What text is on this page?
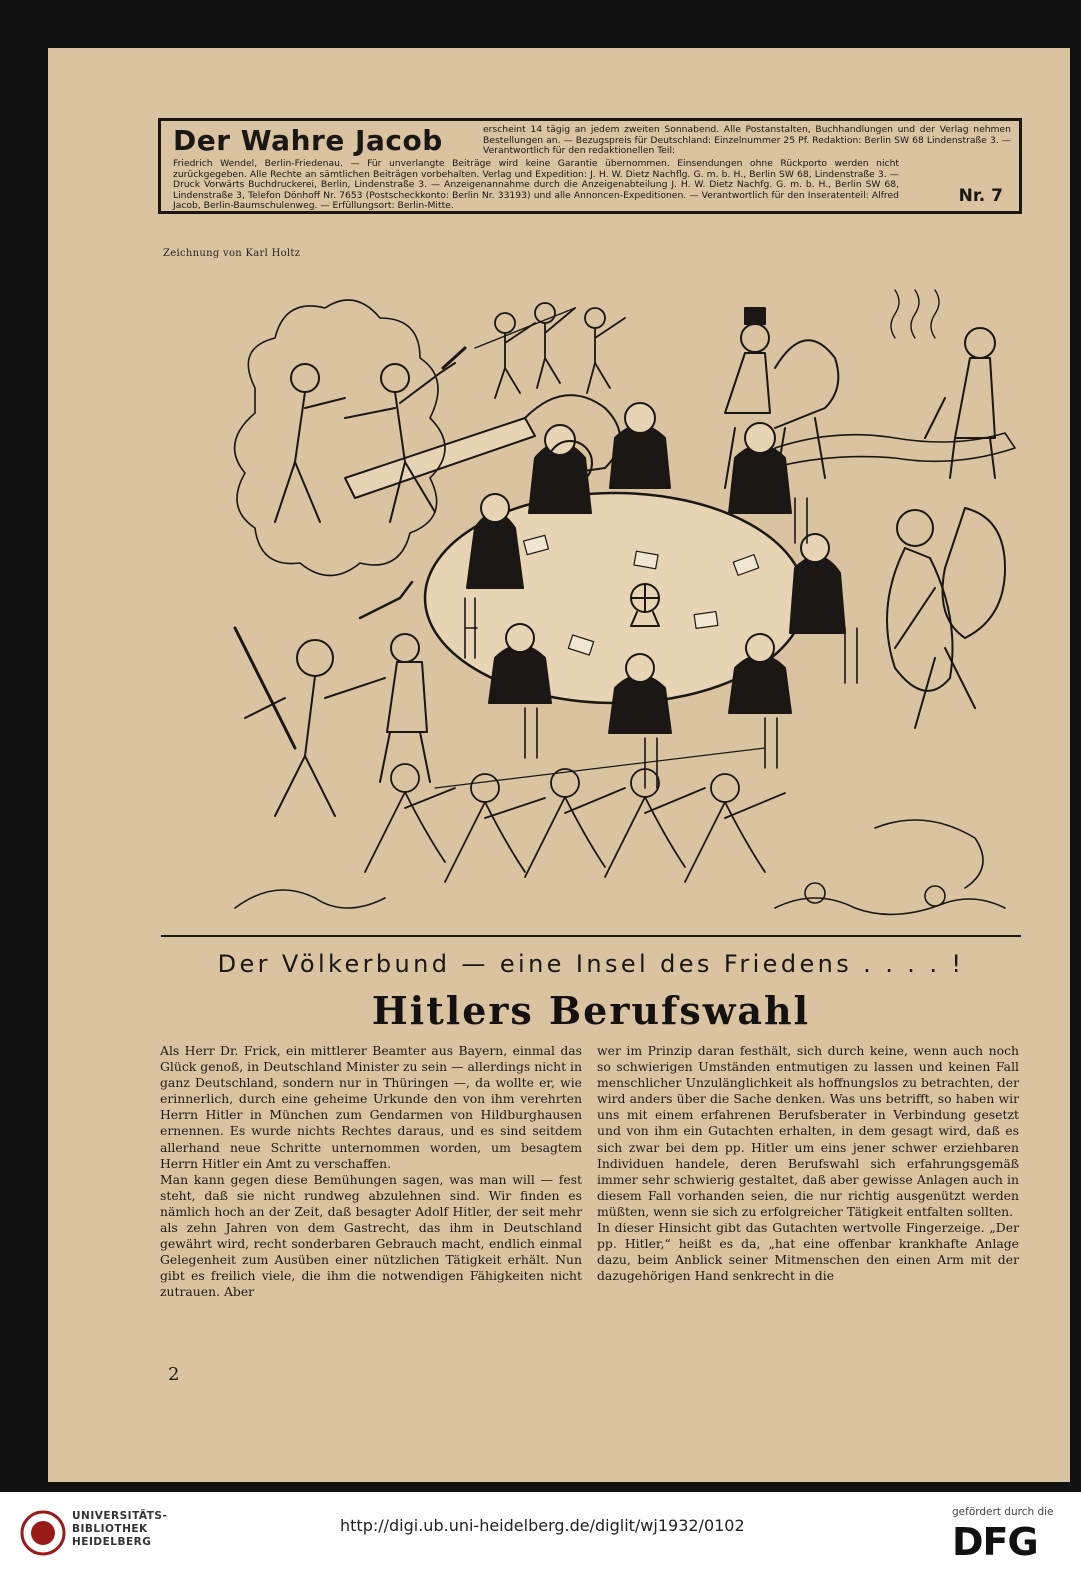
Der Wahre Jacob	erscheint 14 tägig an jedem zweiten Sonnabend. Alle Postanstalten, Buchhandlungen und der Verlag nehmen Bestellungen an. — Bezugspreis für Deutschland: Einzelnummer 25 Pf. Redaktion: Berlin SW 68 Lindenstraße 3. — Verantwortlich für den redaktionellen Teil:
Friedrich Wendel, Berlin-Friedenau. — Für unverlangte Beiträge wird keine Garantie übernommen. Einsendungen ohne Rückporto werden nicht zurückgegeben. Alle Rechte an sämtlichen Beiträgen vorbehalten. Verlag und Expedition: J. H. W. Dietz Nachflg. G. m. b. H., Berlin SW 68, Lindenstraße 3. — Druck Vorwärts Buchdruckerei, Berlin, Lindenstraße 3. — Anzeigenannahme durch die Anzeigenabteilung J. H. W. Dietz Nachfg. G. m. b. H., Berlin SW 68, Lindenstraße 3, Telefon Dönhoff Nr. 7653 (Postscheckkonto: Berlin Nr. 33193) und alle Annoncen-Expeditionen. — Verantwortlich für den Inseratenteil: Alfred Jacob, Berlin-Baumschulenweg. — Erfüllungsort: Berlin-Mitte.	Nr. 7
Zeichnung von Karl Holtz
Der Völkerbund — eine Insel des Friedens . . . . !
Hitlers Berufswahl

Als Herr Dr. Frick, ein mittlerer Beamter aus Bayern, einmal das Glück genoß, in Deutschland Minister zu sein — allerdings nicht in ganz Deutschland, sondern nur in Thüringen —, da wollte er, wie erinnerlich, durch eine geheime Urkunde den von ihm verehrten Herrn Hitler in München zum Gendarmen von Hildburghausen ernennen. Es wurde nichts Rechtes daraus, und es sind seitdem allerhand neue Schritte unternommen worden, um besagtem Herrn Hitler ein Amt zu verschaffen.

Man kann gegen diese Bemühungen sagen, was man will — fest steht, daß sie nicht rundweg abzulehnen sind. Wir finden es nämlich hoch an der Zeit, daß besagter Adolf Hitler, der seit mehr als zehn Jahren von dem Gastrecht, das ihm in Deutschland gewährt wird, recht sonderbaren Gebrauch macht, endlich einmal Gelegenheit zum Ausüben einer nützlichen Tätigkeit erhält. Nun gibt es freilich viele, die ihm die notwendigen Fähigkeiten nicht zutrauen. Aber

wer im Prinzip daran festhält, sich durch keine, wenn auch noch so schwierigen Umständen entmutigen zu lassen und keinen Fall menschlicher Unzulänglichkeit als hoffnungslos zu betrachten, der wird anders über die Sache denken. Was uns betrifft, so haben wir uns mit einem erfahrenen Berufsberater in Verbindung gesetzt und von ihm ein Gutachten erhalten, in dem gesagt wird, daß es sich zwar bei dem pp. Hitler um eins jener schwer erziehbaren Individuen handele, deren Berufswahl sich erfahrungsgemäß immer sehr schwierig gestaltet, daß aber gewisse Anlagen auch in diesem Fall vorhanden seien, die nur richtig ausgenützt werden müßten, wenn sie sich zu erfolgreicher Tätigkeit entfalten sollten.

In dieser Hinsicht gibt das Gutachten wertvolle Fingerzeige. „Der pp. Hitler,“ heißt es da, „hat eine offenbar krankhafte Anlage dazu, beim Anblick seiner Mitmenschen den einen Arm mit der dazugehörigen Hand senkrecht in die

2
UNIVERSITÄTS-
BIBLIOTHEK
HEIDELBERG
http://digi.ub.uni-heidelberg.de/diglit/wj1932/0102
gefördert durch die
DFG
